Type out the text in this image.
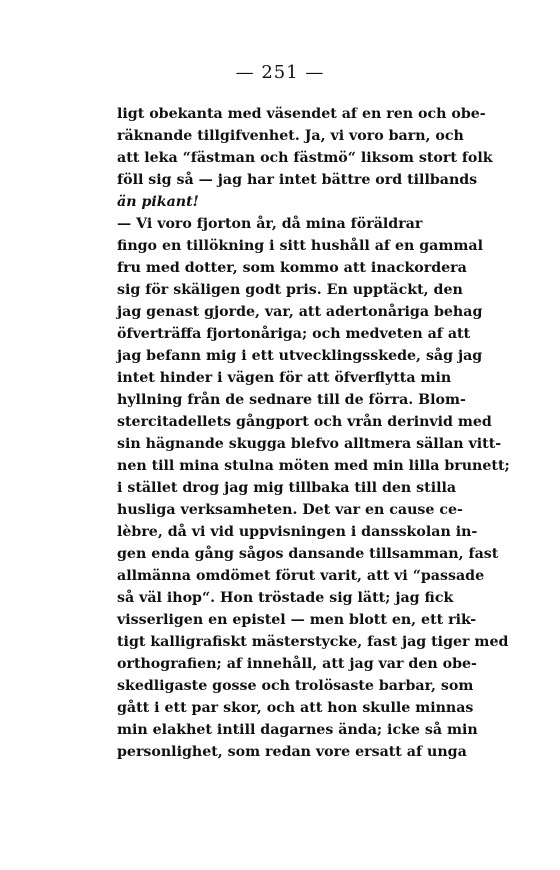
— 251 —
ligt obekanta med väsendet af en ren och obe-
räknande tillgifvenhet. Ja, vi voro barn, och
att leka “fästman och fästmö“ liksom stort folk
föll sig så — jag har intet bättre ord tillbands
än pikant!
— Vi voro fjorton år, då mina föräldrar
fingo en tillökning i sitt hushåll af en gammal
fru med dotter, som kommo att inackordera
sig för skäligen godt pris. En upptäckt, den
jag genast gjorde, var, att adertonåriga behag
öfverträffa fjortonåriga; och medveten af att
jag befann mig i ett utvecklingsskede, såg jag
intet hinder i vägen för att öfverflytta min
hyllning från de sednare till de förra. Blom-
stercitadellets gångport och vrån derinvid med
sin hägnande skugga blefvo alltmera sällan vitt-
nen till mina stulna möten med min lilla brunett;
i stället drog jag mig tillbaka till den stilla
husliga verksamheten. Det var en cause ce-
lèbre, då vi vid uppvisningen i dansskolan in-
gen enda gång sågos dansande tillsamman, fast
allmänna omdömet förut varit, att vi “passade
så väl ihop“. Hon tröstade sig lätt; jag fick
visserligen en epistel — men blott en, ett rik-
tigt kalligrafiskt mästerstycke, fast jag tiger med
orthografien; af innehåll, att jag var den obe-
skedligaste gosse och trolösaste barbar, som
gått i ett par skor, och att hon skulle minnas
min elakhet intill dagarnes ända; icke så min
personlighet, som redan vore ersatt af unga
